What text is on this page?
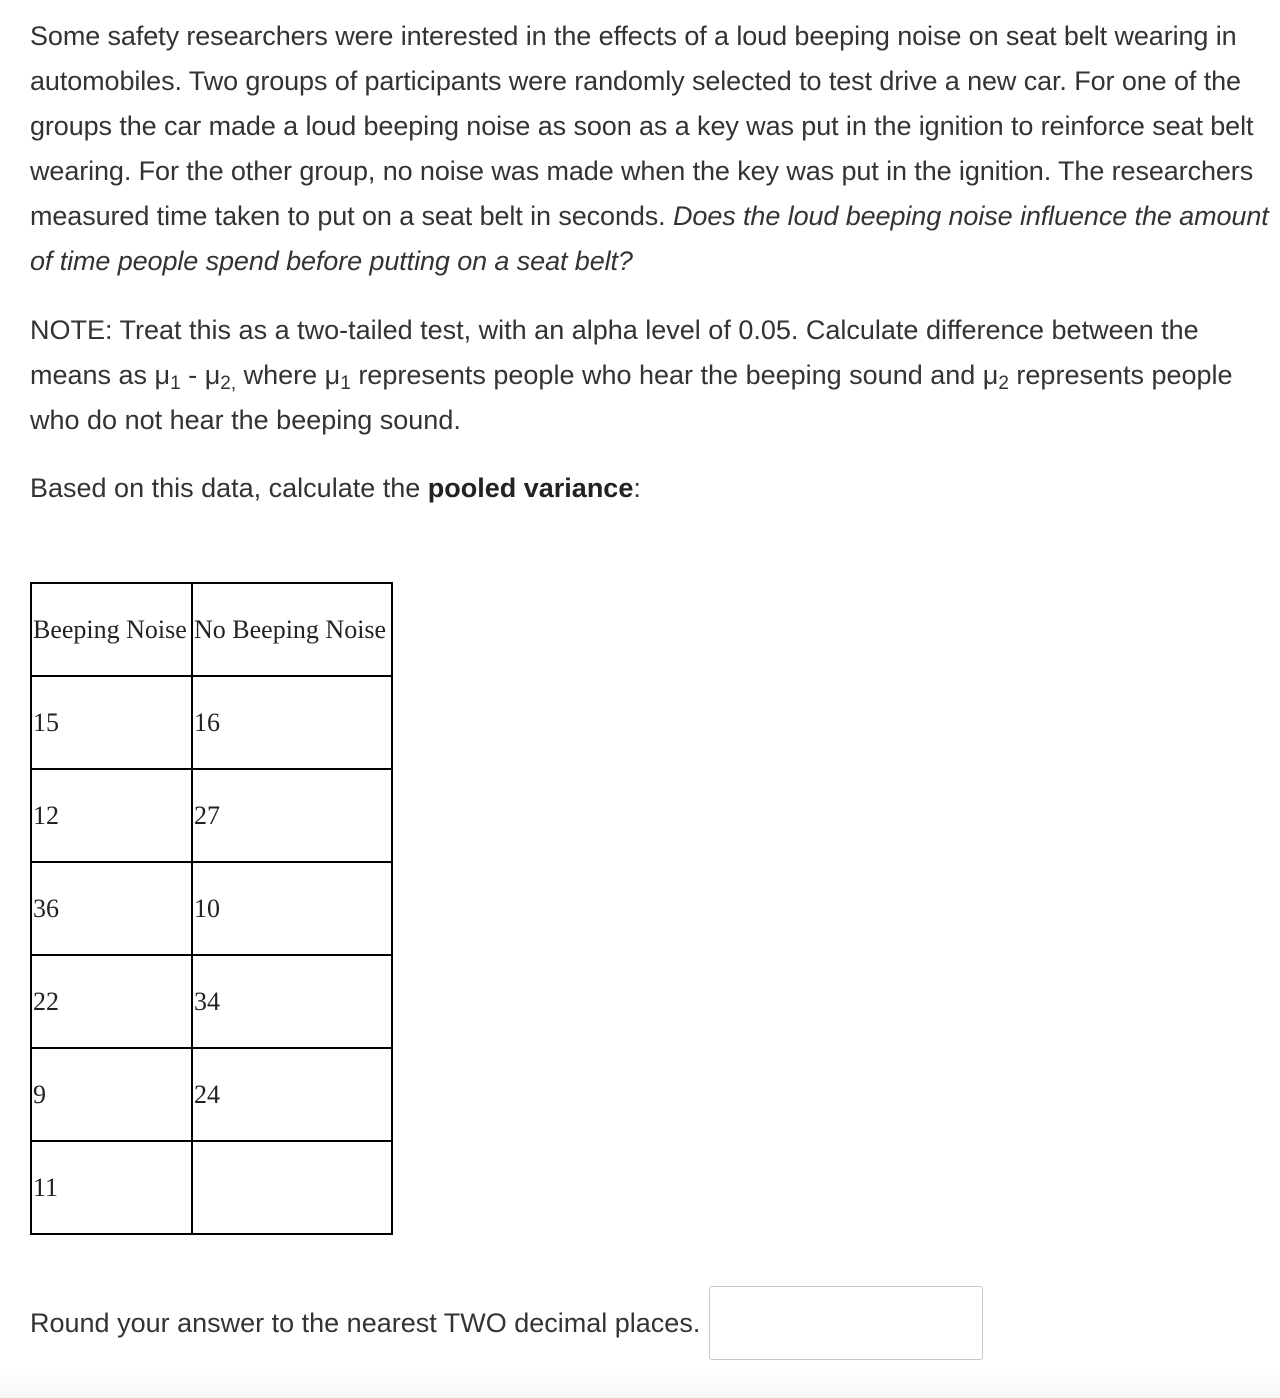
Some safety researchers were interested in the effects of a loud beeping noise on seat belt wearing in automobiles. Two groups of participants were randomly selected to test drive a new car. For one of the groups the car made a loud beeping noise as soon as a key was put in the ignition to reinforce seat belt wearing. For the other group, no noise was made when the key was put in the ignition. The researchers measured time taken to put on a seat belt in seconds. Does the loud beeping noise influence the amount of time people spend before putting on a seat belt?

NOTE: Treat this as a two-tailed test, with an alpha level of 0.05. Calculate difference between the means as $\mu_1 - \mu_{2,}$ where $\mu_1$ represents people who hear the beeping sound and $\mu_2$ represents people who do not hear the beeping sound.

Based on this data, calculate the pooled variance:

Beeping Noise	No Beeping Noise
15	16
12	27
36	10
22	34
9	24
11	
Round your answer to the nearest TWO decimal places.
